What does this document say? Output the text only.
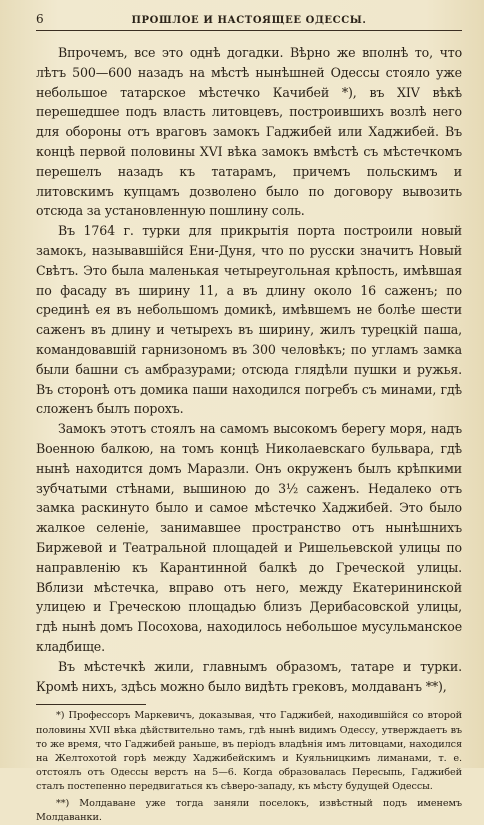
6	ПРОШЛОЕ И НАСТОЯЩЕЕ ОДЕССЫ.

Впрочемъ, все это однѣ догадки. Вѣрно же вполнѣ то, что лѣтъ 500—600 назадъ на мѣстѣ нынѣшней Одессы стояло уже небольшое татарское мѣстечко Качибей *), въ XIV вѣкѣ перешедшее подъ власть литовцевъ, построившихъ возлѣ него для обороны отъ враговъ замокъ Гаджибей или Хаджибей. Въ концѣ первой половины XVI вѣка замокъ вмѣстѣ съ мѣстечкомъ перешелъ назадъ къ татарамъ, причемъ польскимъ и литовскимъ купцамъ дозволено было по договору вывозить отсюда за установленную пошлину соль.

Въ 1764 г. турки для прикрытія порта построили новый замокъ, называвшійся Ени-Дуня, что по русски значитъ Новый Свѣтъ. Это была маленькая четыреугольная крѣпость, имѣвшая по фасаду въ ширину 11, а въ длину около 16 саженъ; по срединѣ ея въ небольшомъ домикѣ, имѣвшемъ не болѣе шести саженъ въ длину и четырехъ въ ширину, жилъ турецкій паша, командовавшій гарнизономъ въ 300 человѣкъ; по угламъ замка были башни съ амбразурами; отсюда глядѣли пушки и ружья. Въ сторонѣ отъ домика паши находился погребъ съ минами, гдѣ сложенъ былъ порохъ.

Замокъ этотъ стоялъ на самомъ высокомъ берегу моря, надъ Военною балкою, на томъ концѣ Николаевскаго бульвара, гдѣ нынѣ находится домъ Маразли. Онъ окруженъ былъ крѣпкими зубчатыми стѣнами, вышиною до 3½ саженъ. Недалеко отъ замка раскинуто было и самое мѣстечко Хаджибей. Это было жалкое селеніе, занимавшее пространство отъ нынѣшнихъ Биржевой и Театральной площадей и Ришельевской улицы по направленію къ Карантинной балкѣ до Греческой улицы. Вблизи мѣстечка, вправо отъ него, между Екатерининской улицею и Греческою площадью близъ Дерибасовской улицы, гдѣ нынѣ домъ Посохова, находилось небольшое мусульманское кладбище.

Въ мѣстечкѣ жили, главнымъ образомъ, татаре и турки. Кромѣ нихъ, здѣсь можно было видѣть грековъ, молдаванъ **),

*) Профессоръ Маркевичъ, доказывая, что Гаджибей, находившійся со второй половины XVII вѣка дѣйствительно тамъ, гдѣ нынѣ видимъ Одессу, утверждаетъ въ то же время, что Гаджибей раньше, въ періодъ владѣнія имъ литовцами, находился на Желтохотой горѣ между Хаджибейскимъ и Куяльницкимъ лиманами, т. е. отстоялъ отъ Одессы верстъ на 5—6. Когда образовалась Пересыпь, Гаджибей сталъ постепенно передвигаться къ сѣверо-западу, къ мѣсту будущей Одессы.

**) Молдаване уже тогда заняли поселокъ, извѣстный подъ именемъ Молдаванки.
